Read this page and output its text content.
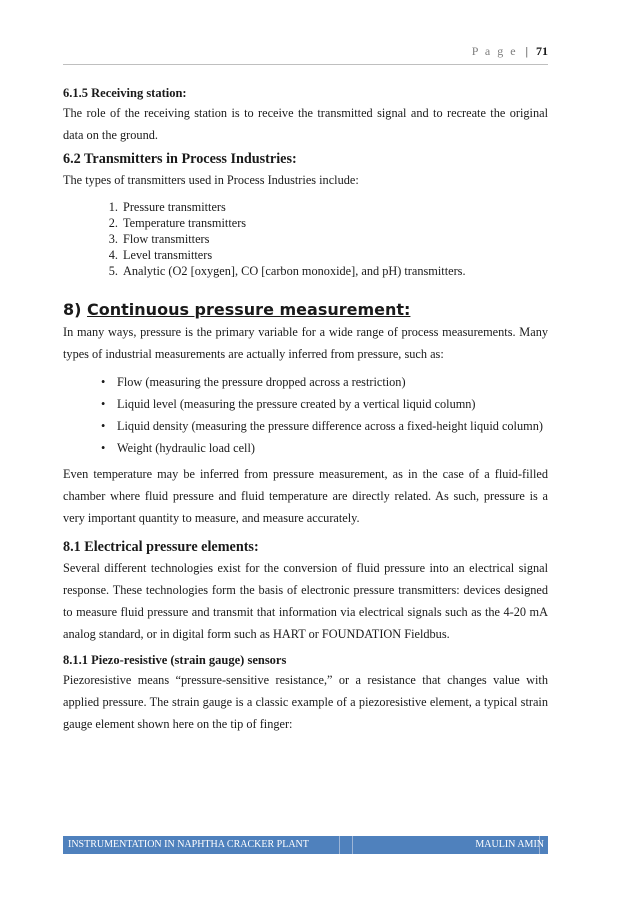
P a g e | 71
6.1.5 Receiving station:
The role of the receiving station is to receive the transmitted signal and to recreate the original data on the ground.
6.2 Transmitters in Process Industries:
The types of transmitters used in Process Industries include:
1. Pressure transmitters
2. Temperature transmitters
3. Flow transmitters
4. Level transmitters
5. Analytic (O2 [oxygen], CO [carbon monoxide], and pH) transmitters.
8) Continuous pressure measurement:
In many ways, pressure is the primary variable for a wide range of process measurements. Many types of industrial measurements are actually inferred from pressure, such as:
• Flow (measuring the pressure dropped across a restriction)
• Liquid level (measuring the pressure created by a vertical liquid column)
• Liquid density (measuring the pressure difference across a fixed-height liquid column)
• Weight (hydraulic load cell)
Even temperature may be inferred from pressure measurement, as in the case of a fluid-filled chamber where fluid pressure and fluid temperature are directly related. As such, pressure is a very important quantity to measure, and measure accurately.
8.1 Electrical pressure elements:
Several different technologies exist for the conversion of fluid pressure into an electrical signal response. These technologies form the basis of electronic pressure transmitters: devices designed to measure fluid pressure and transmit that information via electrical signals such as the 4-20 mA analog standard, or in digital form such as HART or FOUNDATION Fieldbus.
8.1.1 Piezo-resistive (strain gauge) sensors
Piezoresistive means “pressure-sensitive resistance,” or a resistance that changes value with applied pressure. The strain gauge is a classic example of a piezoresistive element, a typical strain gauge element shown here on the tip of finger:
INSTRUMENTATION IN NAPHTHA CRACKER PLANT	MAULIN AMIN
